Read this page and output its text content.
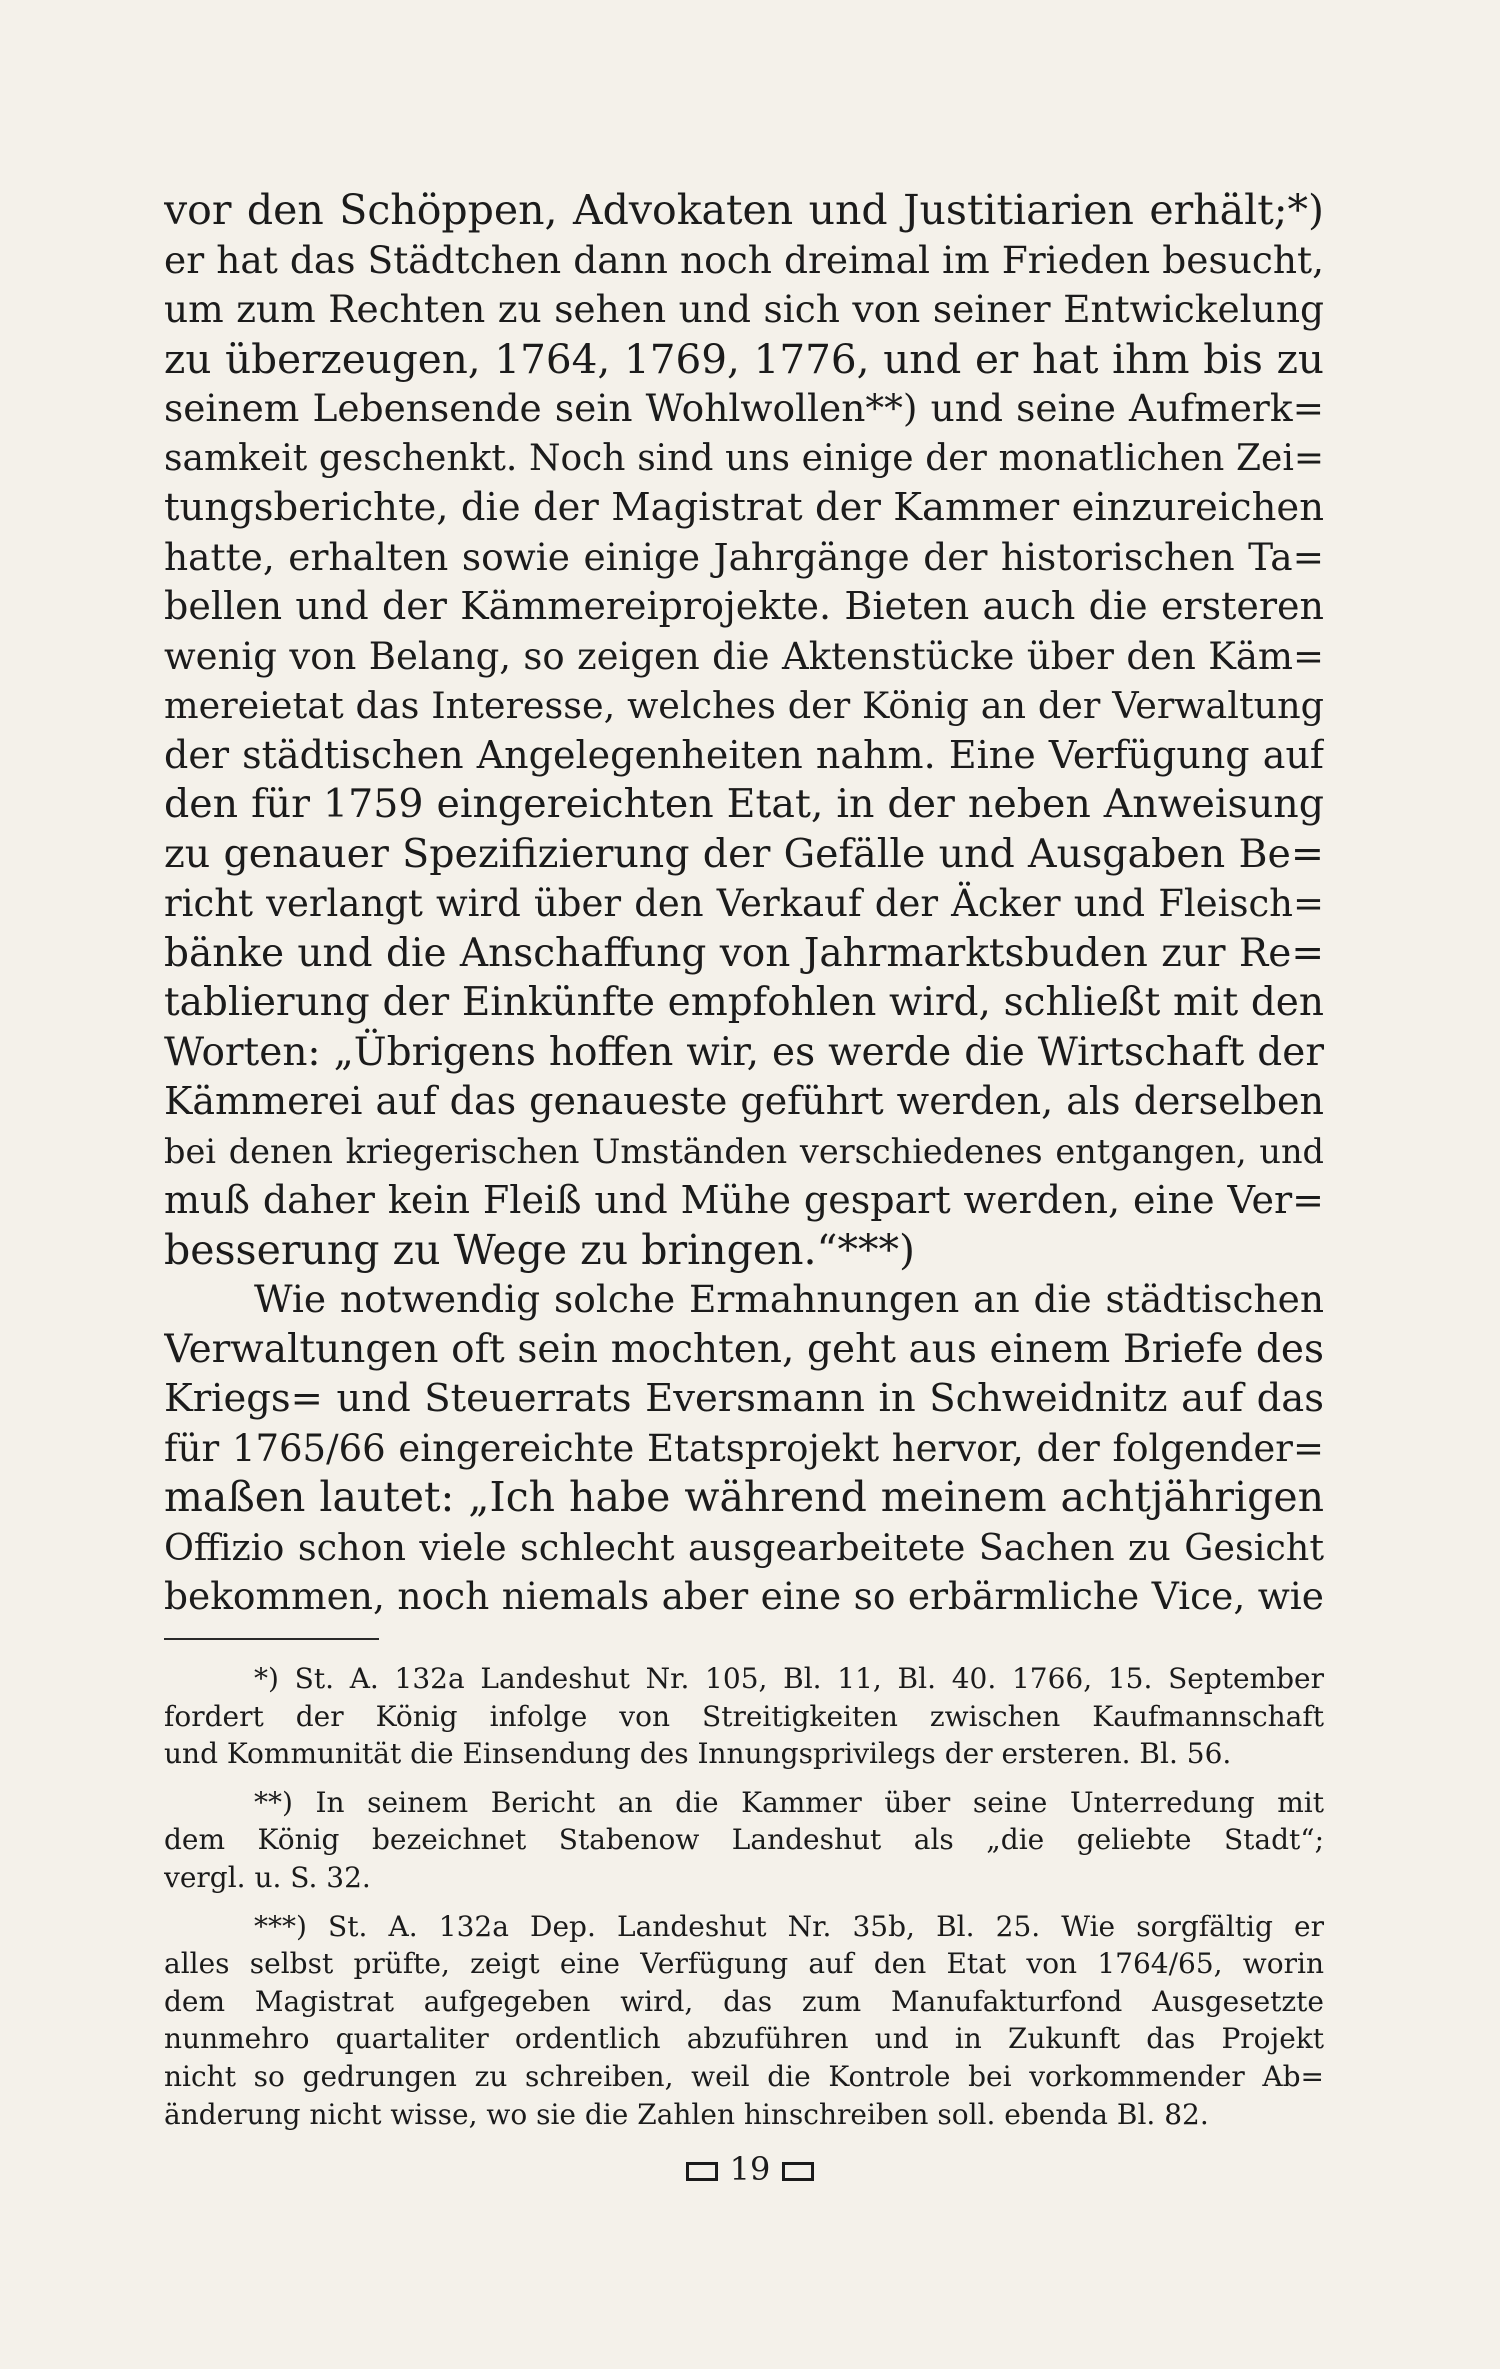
vor den Schöppen, Advokaten und Justitiarien erhält;*)
er hat das Städtchen dann noch dreimal im Frieden besucht,
um zum Rechten zu sehen und sich von seiner Entwickelung
zu überzeugen, 1764, 1769, 1776, und er hat ihm bis zu
seinem Lebensende sein Wohlwollen**) und seine Aufmerk=
samkeit geschenkt. Noch sind uns einige der monatlichen Zei=
tungsberichte, die der Magistrat der Kammer einzureichen
hatte, erhalten sowie einige Jahrgänge der historischen Ta=
bellen und der Kämmereiprojekte. Bieten auch die ersteren
wenig von Belang, so zeigen die Aktenstücke über den Käm=
mereietat das Interesse, welches der König an der Verwaltung
der städtischen Angelegenheiten nahm. Eine Verfügung auf
den für 1759 eingereichten Etat, in der neben Anweisung
zu genauer Spezifizierung der Gefälle und Ausgaben Be=
richt verlangt wird über den Verkauf der Äcker und Fleisch=
bänke und die Anschaffung von Jahrmarktsbuden zur Re=
tablierung der Einkünfte empfohlen wird, schließt mit den
Worten: „Übrigens hoffen wir, es werde die Wirtschaft der
Kämmerei auf das genaueste geführt werden, als derselben
bei denen kriegerischen Umständen verschiedenes entgangen, und
muß daher kein Fleiß und Mühe gespart werden, eine Ver=
besserung zu Wege zu bringen.“***)
Wie notwendig solche Ermahnungen an die städtischen
Verwaltungen oft sein mochten, geht aus einem Briefe des
Kriegs= und Steuerrats Eversmann in Schweidnitz auf das
für 1765/66 eingereichte Etatsprojekt hervor, der folgender=
maßen lautet: „Ich habe während meinem achtjährigen
Offizio schon viele schlecht ausgearbeitete Sachen zu Gesicht
bekommen, noch niemals aber eine so erbärmliche Vice, wie
*) St. A. 132a Landeshut Nr. 105, Bl. 11, Bl. 40. 1766, 15. September
fordert der König infolge von Streitigkeiten zwischen Kaufmannschaft
und Kommunität die Einsendung des Innungsprivilegs der ersteren. Bl. 56.
**) In seinem Bericht an die Kammer über seine Unterredung mit
dem König bezeichnet Stabenow Landeshut als „die geliebte Stadt“;
vergl. u. S. 32.
***) St. A. 132a Dep. Landeshut Nr. 35b, Bl. 25. Wie sorgfältig er
alles selbst prüfte, zeigt eine Verfügung auf den Etat von 1764/65, worin
dem Magistrat aufgegeben wird, das zum Manufakturfond Ausgesetzte
nunmehro quartaliter ordentlich abzuführen und in Zukunft das Projekt
nicht so gedrungen zu schreiben, weil die Kontrole bei vorkommender Ab=
änderung nicht wisse, wo sie die Zahlen hinschreiben soll. ebenda Bl. 82.
19
